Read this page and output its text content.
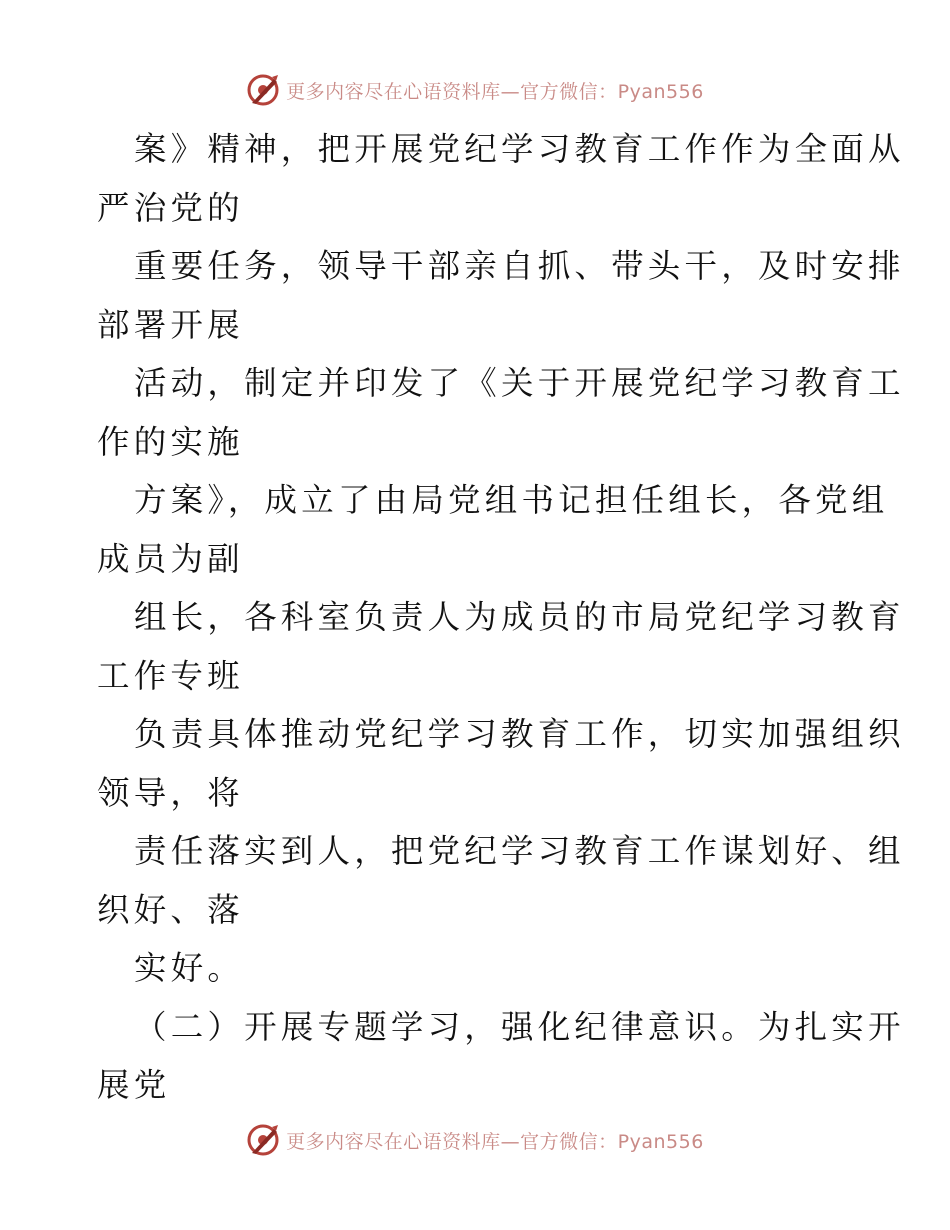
更多内容尽在心语资料库—官方微信：Pyan556
案》精神，把开展党纪学习教育工作作为全面从
严治党的
重要任务，领导干部亲自抓、带头干，及时安排
部署开展
活动，制定并印发了《关于开展党纪学习教育工
作的实施
方案》，成立了由局党组书记担任组长，各党组
成员为副
组长，各科室负责人为成员的市局党纪学习教育
工作专班
负责具体推动党纪学习教育工作，切实加强组织
领导，将
责任落实到人，把党纪学习教育工作谋划好、组
织好、落
实好。
（二）开展专题学习，强化纪律意识。为扎实开
展党
更多内容尽在心语资料库—官方微信：Pyan556
